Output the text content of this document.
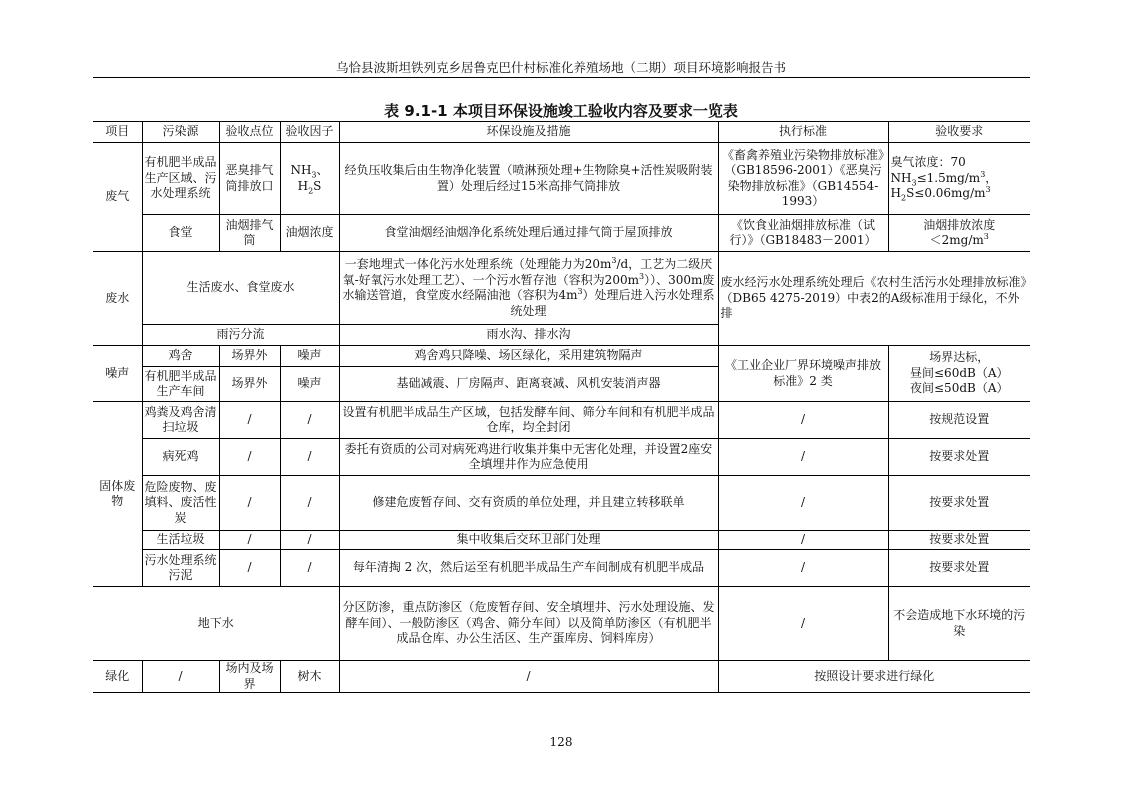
乌恰县波斯坦铁列克乡居鲁克巴什村标准化养殖场地（二期）项目环境影响报告书
表 9.1-1 本项目环保设施竣工验收内容及要求一览表
项目	污染源	验收点位	验收因子	环保设施及措施	执行标准	验收要求
废气	有机肥半成品生产区域、污水处理系统	恶臭排气筒排放口	$NH_3$、$H_2S$	经负压收集后由生物净化装置（喷淋预处理+生物除臭+活性炭吸附装置）处理后经过15米高排气筒排放	《畜禽养殖业污染物排放标准》（GB18596-2001）《恶臭污染物排放标准》（GB14554-1993）	臭气浓度：70
$NH_3\le 1.5mg/m^3$，
$H_2S\le 0.06mg/m^3$
	食堂	油烟排气筒	油烟浓度	食堂油烟经油烟净化系统处理后通过排气筒于屋顶排放	《饮食业油烟排放标准（试行）》（GB18483－2001）	油烟排放浓度
$<2mg/m^3$
废水	生活废水、食堂废水			一套地埋式一体化污水处理系统（处理能力为$20m^3/d$，工艺为二级厌氧-好氧污水处理工艺）、一个污水暂存池（容积为$200m^3$））、300m废水输送管道，食堂废水经隔油池（容积为$4m^3$）处理后进入污水处理系统处理	废水经污水处理系统处理后《农村生活污水处理排放标准》（DB65 4275-2019）中表2的A级标准用于绿化，不外排	
	雨污分流			雨水沟、排水沟		
噪声	鸡舍	场界外	噪声	鸡舍鸡只降噪、场区绿化，采用建筑物隔声	《工业企业厂界环境噪声排放标准》2 类	场界达标，
昼间≤60dB（A）
夜间≤50dB（A）
	有机肥半成品生产车间	场界外	噪声	基础减震、厂房隔声、距离衰减、风机安装消声器		
固体废物	鸡粪及鸡舍清扫垃圾	/	/	设置有机肥半成品生产区域，包括发酵车间、筛分车间和有机肥半成品仓库，均全封闭	/	按规范设置
	病死鸡	/	/	委托有资质的公司对病死鸡进行收集并集中无害化处理，并设置2座安全填埋井作为应急使用	/	按要求处置
	危险废物、废填料、废活性炭	/	/	修建危废暂存间、交有资质的单位处理，并且建立转移联单	/	按要求处置
	生活垃圾	/	/	集中收集后交环卫部门处理	/	按要求处置
	污水处理系统污泥	/	/	每年清掏 2 次，然后运至有机肥半成品生产车间制成有机肥半成品	/	按要求处置
地下水				分区防渗，重点防渗区（危废暂存间、安全填埋井、污水处理设施、发酵车间）、一般防渗区（鸡舍、筛分车间）以及简单防渗区（有机肥半成品仓库、办公生活区、生产蛋库房、饲料库房）	/	不会造成地下水环境的污染
绿化	/	场内及场界	树木	/	按照设计要求进行绿化	
128
